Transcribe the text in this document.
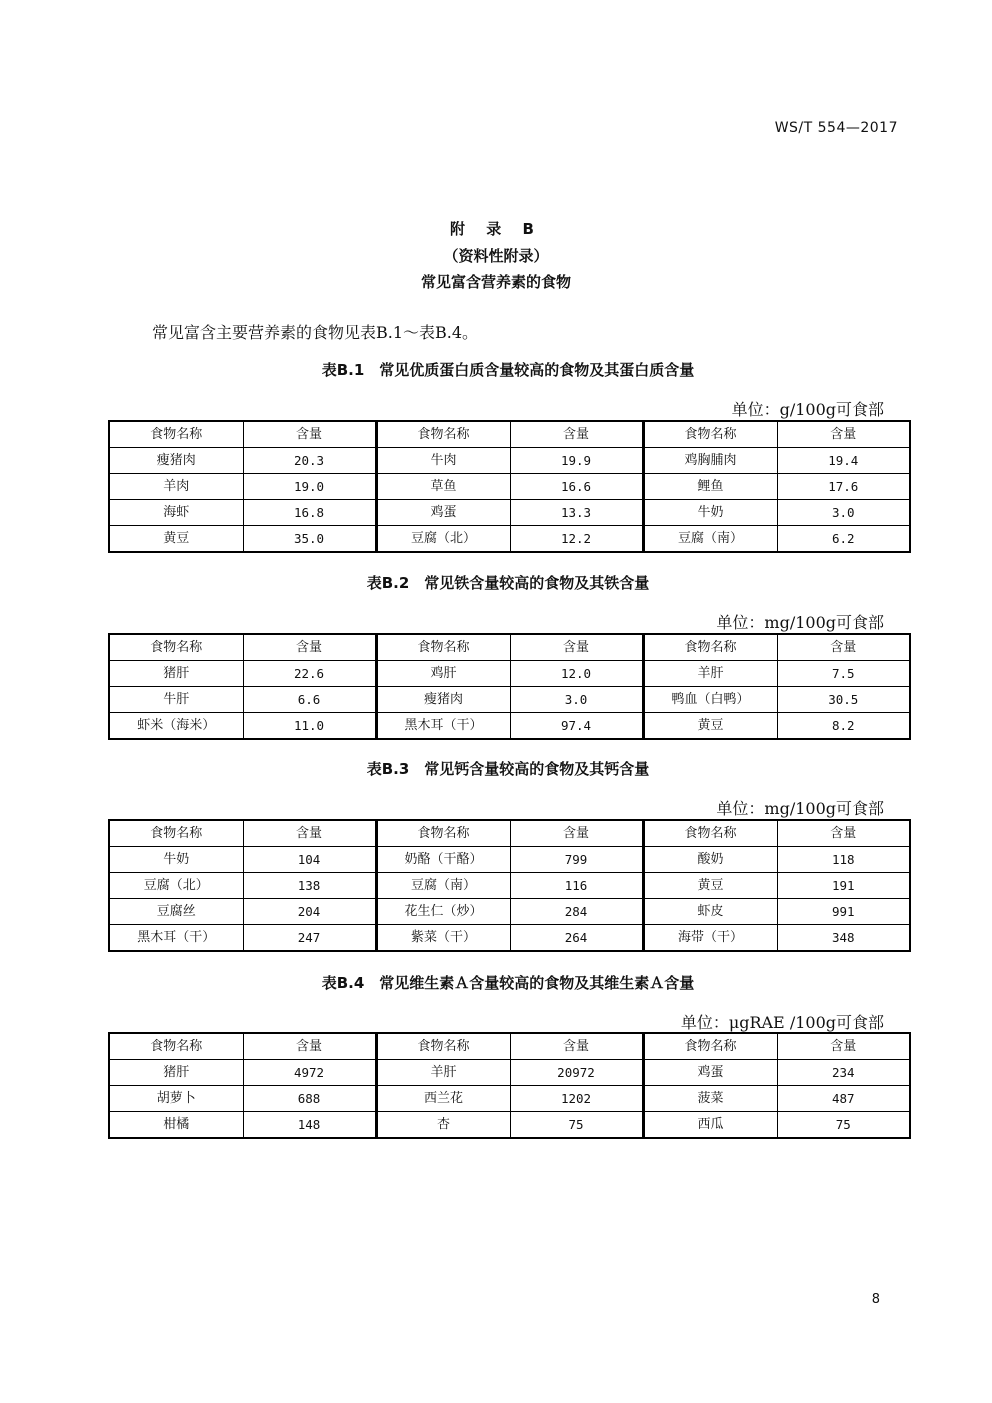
WS/T 554—2017
附 录 B
（资料性附录）
常见富含营养素的食物
常见富含主要营养素的食物见表B.1～表B.4。
表B.1　常见优质蛋白质含量较高的食物及其蛋白质含量
单位：g/100g可食部
食物名称	含量	食物名称	含量	食物名称	含量
瘦猪肉	20.3	牛肉	19.9	鸡胸脯肉	19.4
羊肉	19.0	草鱼	16.6	鲤鱼	17.6
海虾	16.8	鸡蛋	13.3	牛奶	3.0
黄豆	35.0	豆腐（北）	12.2	豆腐（南）	6.2
表B.2　常见铁含量较高的食物及其铁含量
单位：mg/100g可食部
食物名称	含量	食物名称	含量	食物名称	含量
猪肝	22.6	鸡肝	12.0	羊肝	7.5
牛肝	6.6	瘦猪肉	3.0	鸭血（白鸭）	30.5
虾米（海米）	11.0	黑木耳（干）	97.4	黄豆	8.2
表B.3　常见钙含量较高的食物及其钙含量
单位：mg/100g可食部
食物名称	含量	食物名称	含量	食物名称	含量
牛奶	104	奶酪（干酪）	799	酸奶	118
豆腐（北）	138	豆腐（南）	116	黄豆	191
豆腐丝	204	花生仁（炒）	284	虾皮	991
黑木耳（干）	247	紫菜（干）	264	海带（干）	348
表B.4　常见维生素Ａ含量较高的食物及其维生素Ａ含量
单位：μgRAE /100g可食部
食物名称	含量	食物名称	含量	食物名称	含量
猪肝	4972	羊肝	20972	鸡蛋	234
胡萝卜	688	西兰花	1202	菠菜	487
柑橘	148	杏	75	西瓜	75
8
